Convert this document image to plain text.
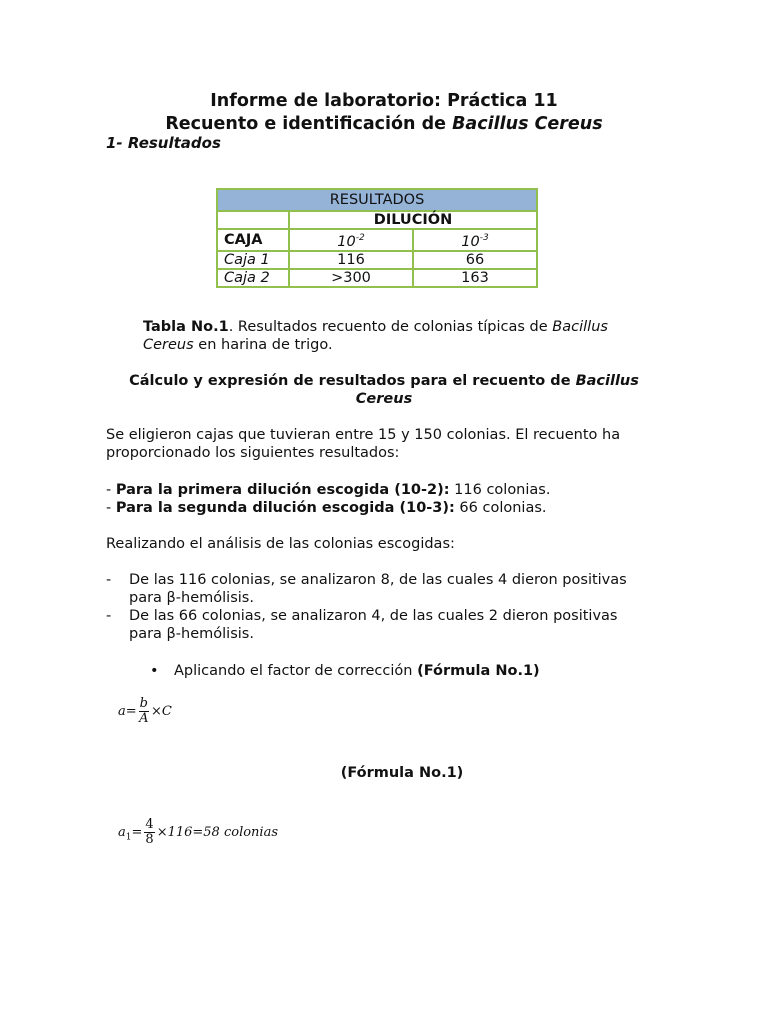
Informe de laboratorio: Práctica 11
Recuento e identificación de Bacillus Cereus
1- Resultados
RESULTADOS		
	DILUCIÓN	
CAJA	$10^{-2}$	$10^{-3}$
Caja 1	116	66
Caja 2	>300	163
Tabla No.1. Resultados recuento de colonias típicas de Bacillus
Cereus en harina de trigo.
Cálculo y expresión de resultados para el recuento de Bacillus
Cereus
Se eligieron cajas que tuvieran entre 15 y 150 colonias. El recuento ha
proporcionado los siguientes resultados:
- Para la primera dilución escogida (10-2): 116 colonias.
- Para la segunda dilución escogida (10-3): 66 colonias.
Realizando el análisis de las colonias escogidas:
- De las 116 colonias, se analizaron 8, de las cuales 4 dieron positivas
para β-hemólisis.
- De las 66 colonias, se analizaron 4, de las cuales 2 dieron positivas
para β-hemólisis.
• Aplicando el factor de corrección (Fórmula No.1)
$a= \frac{b}{A} \times C$
(Fórmula No.1)
$a_1= \frac{4}{8} \times 116=58$ colonias
